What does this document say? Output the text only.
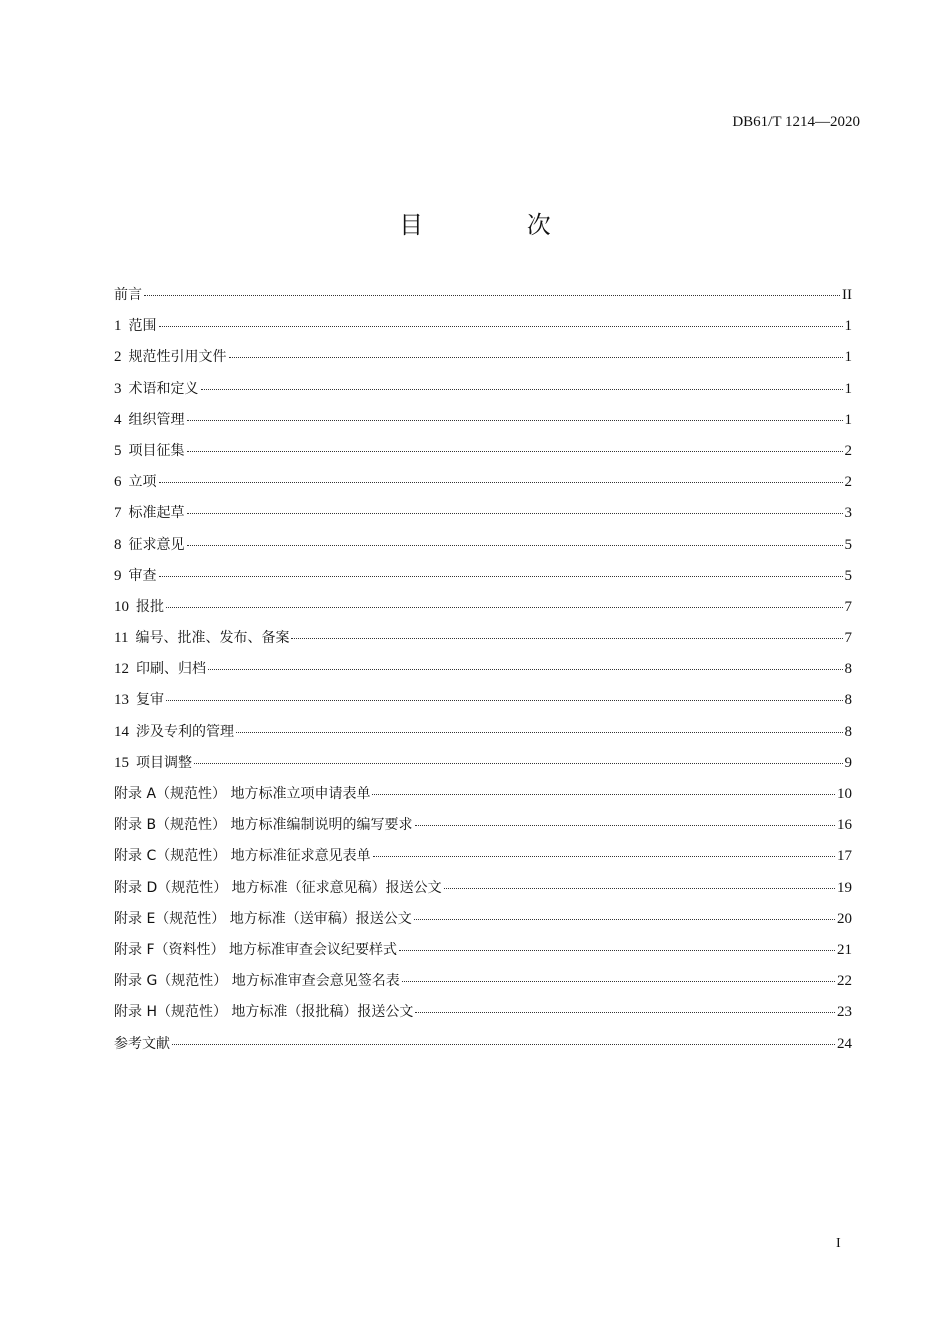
DB61/T 1214—2020
目 次
前言	II
1 范围	1
2 规范性引用文件	1
3 术语和定义	1
4 组织管理	1
5 项目征集	2
6 立项	2
7 标准起草	3
8 征求意见	5
9 审查	5
10 报批	7
11 编号、批准、发布、备案	7
12 印刷、归档	8
13 复审	8
14 涉及专利的管理	8
15 项目调整	9
附录 A（规范性） 地方标准立项申请表单	10
附录 B（规范性） 地方标准编制说明的编写要求	16
附录 C（规范性） 地方标准征求意见表单	17
附录 D（规范性） 地方标准（征求意见稿）报送公文	19
附录 E（规范性） 地方标准（送审稿）报送公文	20
附录 F（资料性） 地方标准审查会议纪要样式	21
附录 G（规范性） 地方标准审查会意见签名表	22
附录 H（规范性） 地方标准（报批稿）报送公文	23
参考文献	24
I
